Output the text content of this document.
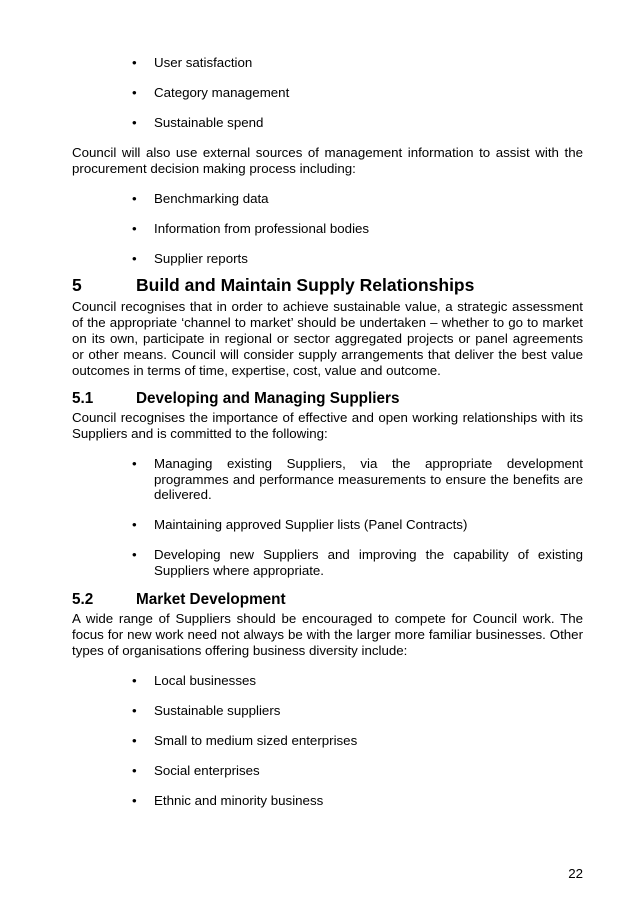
• User satisfaction
• Category management
• Sustainable spend

Council will also use external sources of management information to assist with the procurement decision making process including:

• Benchmarking data
• Information from professional bodies
• Supplier reports
5	Build and Maintain Supply Relationships

Council recognises that in order to achieve sustainable value, a strategic assessment of the appropriate ‘channel to market’ should be undertaken – whether to go to market on its own, participate in regional or sector aggregated projects or panel agreements or other means. Council will consider supply arrangements that deliver the best value outcomes in terms of time, expertise, cost, value and outcome.

5.1	Developing and Managing Suppliers

Council recognises the importance of effective and open working relationships with its Suppliers and is committed to the following:

• Managing existing Suppliers, via the appropriate development programmes and performance measurements to ensure the benefits are delivered.
• Maintaining approved Supplier lists (Panel Contracts)
• Developing new Suppliers and improving the capability of existing Suppliers where appropriate.
5.2	Market Development

A wide range of Suppliers should be encouraged to compete for Council work. The focus for new work need not always be with the larger more familiar businesses. Other types of organisations offering business diversity include:

• Local businesses
• Sustainable suppliers
• Small to medium sized enterprises
• Social enterprises
• Ethnic and minority business
22
